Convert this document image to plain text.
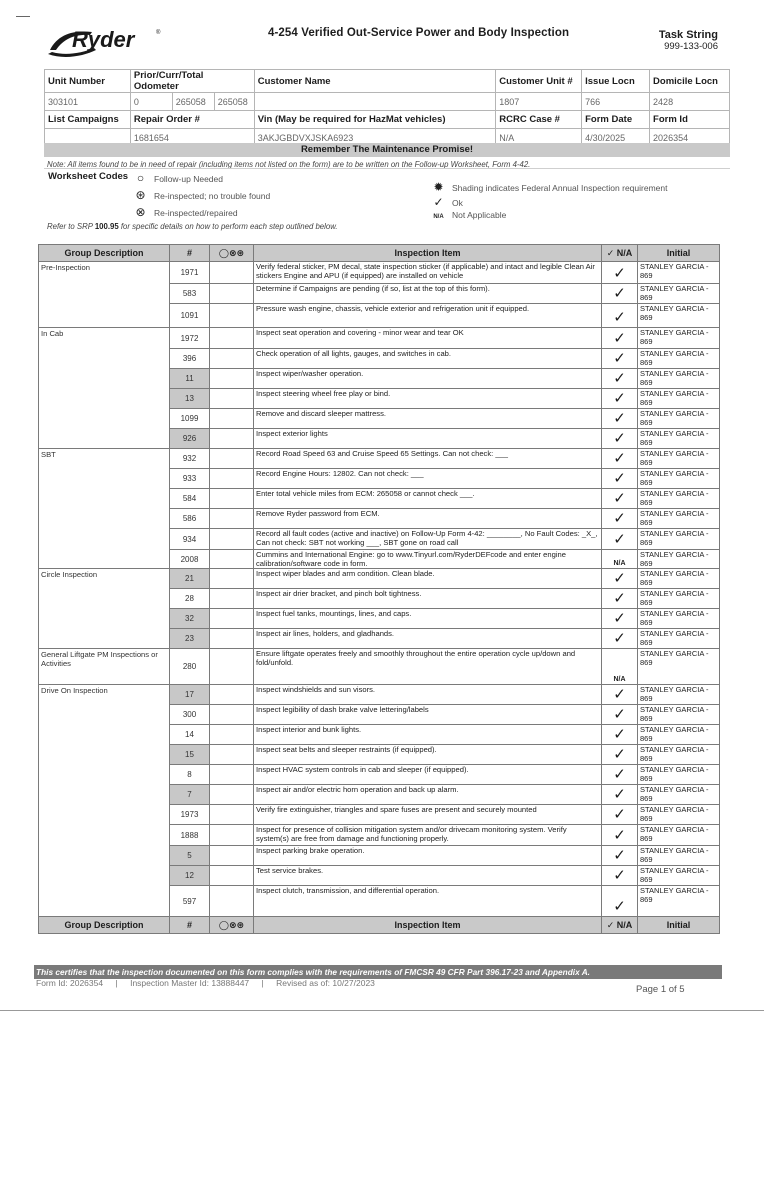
Ryder	®	4-254 Verified Out-Service Power and Body Inspection	Task String
999-133-006
Unit Number	Prior/Curr/Total Odometer			Customer Name	Customer Unit #	Issue Locn	Domicile Locn
303101	0	265058	265058		1807	766	2428
List Campaigns	Repair Order #			Vin (May be required for HazMat vehicles)	RCRC Case #	Form Date	Form Id
	1681654			3AKJGBDVXJSKA6923	N/A	4/30/2025	2026354
Remember The Maintenance Promise!
Note: All items found to be in need of repair (including items not listed on the form) are to be written on the Follow-up Worksheet, Form 4-42.
Worksheet Codes ○ Follow-up Needed
⊛ Re-inspected; no trouble found
⊗ Re-inspected/repaired
✹ Shading indicates Federal Annual Inspection requirement
✓ Ok
N/A Not Applicable
Refer to SRP 100.95 for specific details on how to perform each step outlined below.
Group Description	#	◯⊗⊛	Inspection Item	✓ N/A	Initial
Pre-Inspection	1971		Verify federal sticker, PM decal, state inspection sticker (if applicable) and intact and legible Clean Air stickers Engine and APU (if equipped) are installed on vehicle	✓	STANLEY GARCIA - 869
	583		Determine if Campaigns are pending (if so, list at the top of this form).	✓	STANLEY GARCIA - 869
	1091		Pressure wash engine, chassis, vehicle exterior and refrigeration unit if equipped.	✓	STANLEY GARCIA - 869
In Cab	1972		Inspect seat operation and covering - minor wear and tear OK	✓	STANLEY GARCIA - 869
	396		Check operation of all lights, gauges, and switches in cab.	✓	STANLEY GARCIA - 869
	11		Inspect wiper/washer operation.	✓	STANLEY GARCIA - 869
	13		Inspect steering wheel free play or bind.	✓	STANLEY GARCIA - 869
	1099		Remove and discard sleeper mattress.	✓	STANLEY GARCIA - 869
	926		Inspect exterior lights	✓	STANLEY GARCIA - 869
SBT	932		Record Road Speed 63 and Cruise Speed 65 Settings. Can not check: ___	✓	STANLEY GARCIA - 869
	933		Record Engine Hours: 12802. Can not check: ___	✓	STANLEY GARCIA - 869
	584		Enter total vehicle miles from ECM: 265058 or cannot check ___.	✓	STANLEY GARCIA - 869
	586		Remove Ryder password from ECM.	✓	STANLEY GARCIA - 869
	934		Record all fault codes (active and inactive) on Follow-Up Form 4-42: ________, No Fault Codes: _X_, Can not check: SBT not working ___, SBT gone on road call	✓	STANLEY GARCIA - 869
	2008		Cummins and International Engine: go to www.Tinyurl.com/RyderDEFcode and enter engine calibration/software code in form.	N/A	STANLEY GARCIA - 869
Circle Inspection	21		Inspect wiper blades and arm condition. Clean blade.	✓	STANLEY GARCIA - 869
	28		Inspect air drier bracket, and pinch bolt tightness.	✓	STANLEY GARCIA - 869
	32		Inspect fuel tanks, mountings, lines, and caps.	✓	STANLEY GARCIA - 869
	23		Inspect air lines, holders, and gladhands.	✓	STANLEY GARCIA - 869
General Liftgate PM Inspections or Activities	280		Ensure liftgate operates freely and smoothly throughout the entire operation cycle up/down and fold/unfold.	N/A	STANLEY GARCIA - 869
Drive On Inspection	17		Inspect windshields and sun visors.	✓	STANLEY GARCIA - 869
	300		Inspect legibility of dash brake valve lettering/labels	✓	STANLEY GARCIA - 869
	14		Inspect interior and bunk lights.	✓	STANLEY GARCIA - 869
	15		Inspect seat belts and sleeper restraints (if equipped).	✓	STANLEY GARCIA - 869
	8		Inspect HVAC system controls in cab and sleeper (if equipped).	✓	STANLEY GARCIA - 869
	7		Inspect air and/or electric horn operation and back up alarm.	✓	STANLEY GARCIA - 869
	1973		Verify fire extinguisher, triangles and spare fuses are present and securely mounted	✓	STANLEY GARCIA - 869
	1888		Inspect for presence of collision mitigation system and/or drivecam monitoring system. Verify system(s) are free from damage and functioning properly.	✓	STANLEY GARCIA - 869
	5		Inspect parking brake operation.	✓	STANLEY GARCIA - 869
	12		Test service brakes.	✓	STANLEY GARCIA - 869
	597		Inspect clutch, transmission, and differential operation.	✓	STANLEY GARCIA - 869
Group Description	#	◯⊗⊛	Inspection Item	✓ N/A	Initial
This certifies that the inspection documented on this form complies with the requirements of FMCSR 49 CFR Part 396.17-23 and Appendix A.
Form Id: 2026354 | Inspection Master Id: 13888447 | Revised as of: 10/27/2023
Page 1 of 5
